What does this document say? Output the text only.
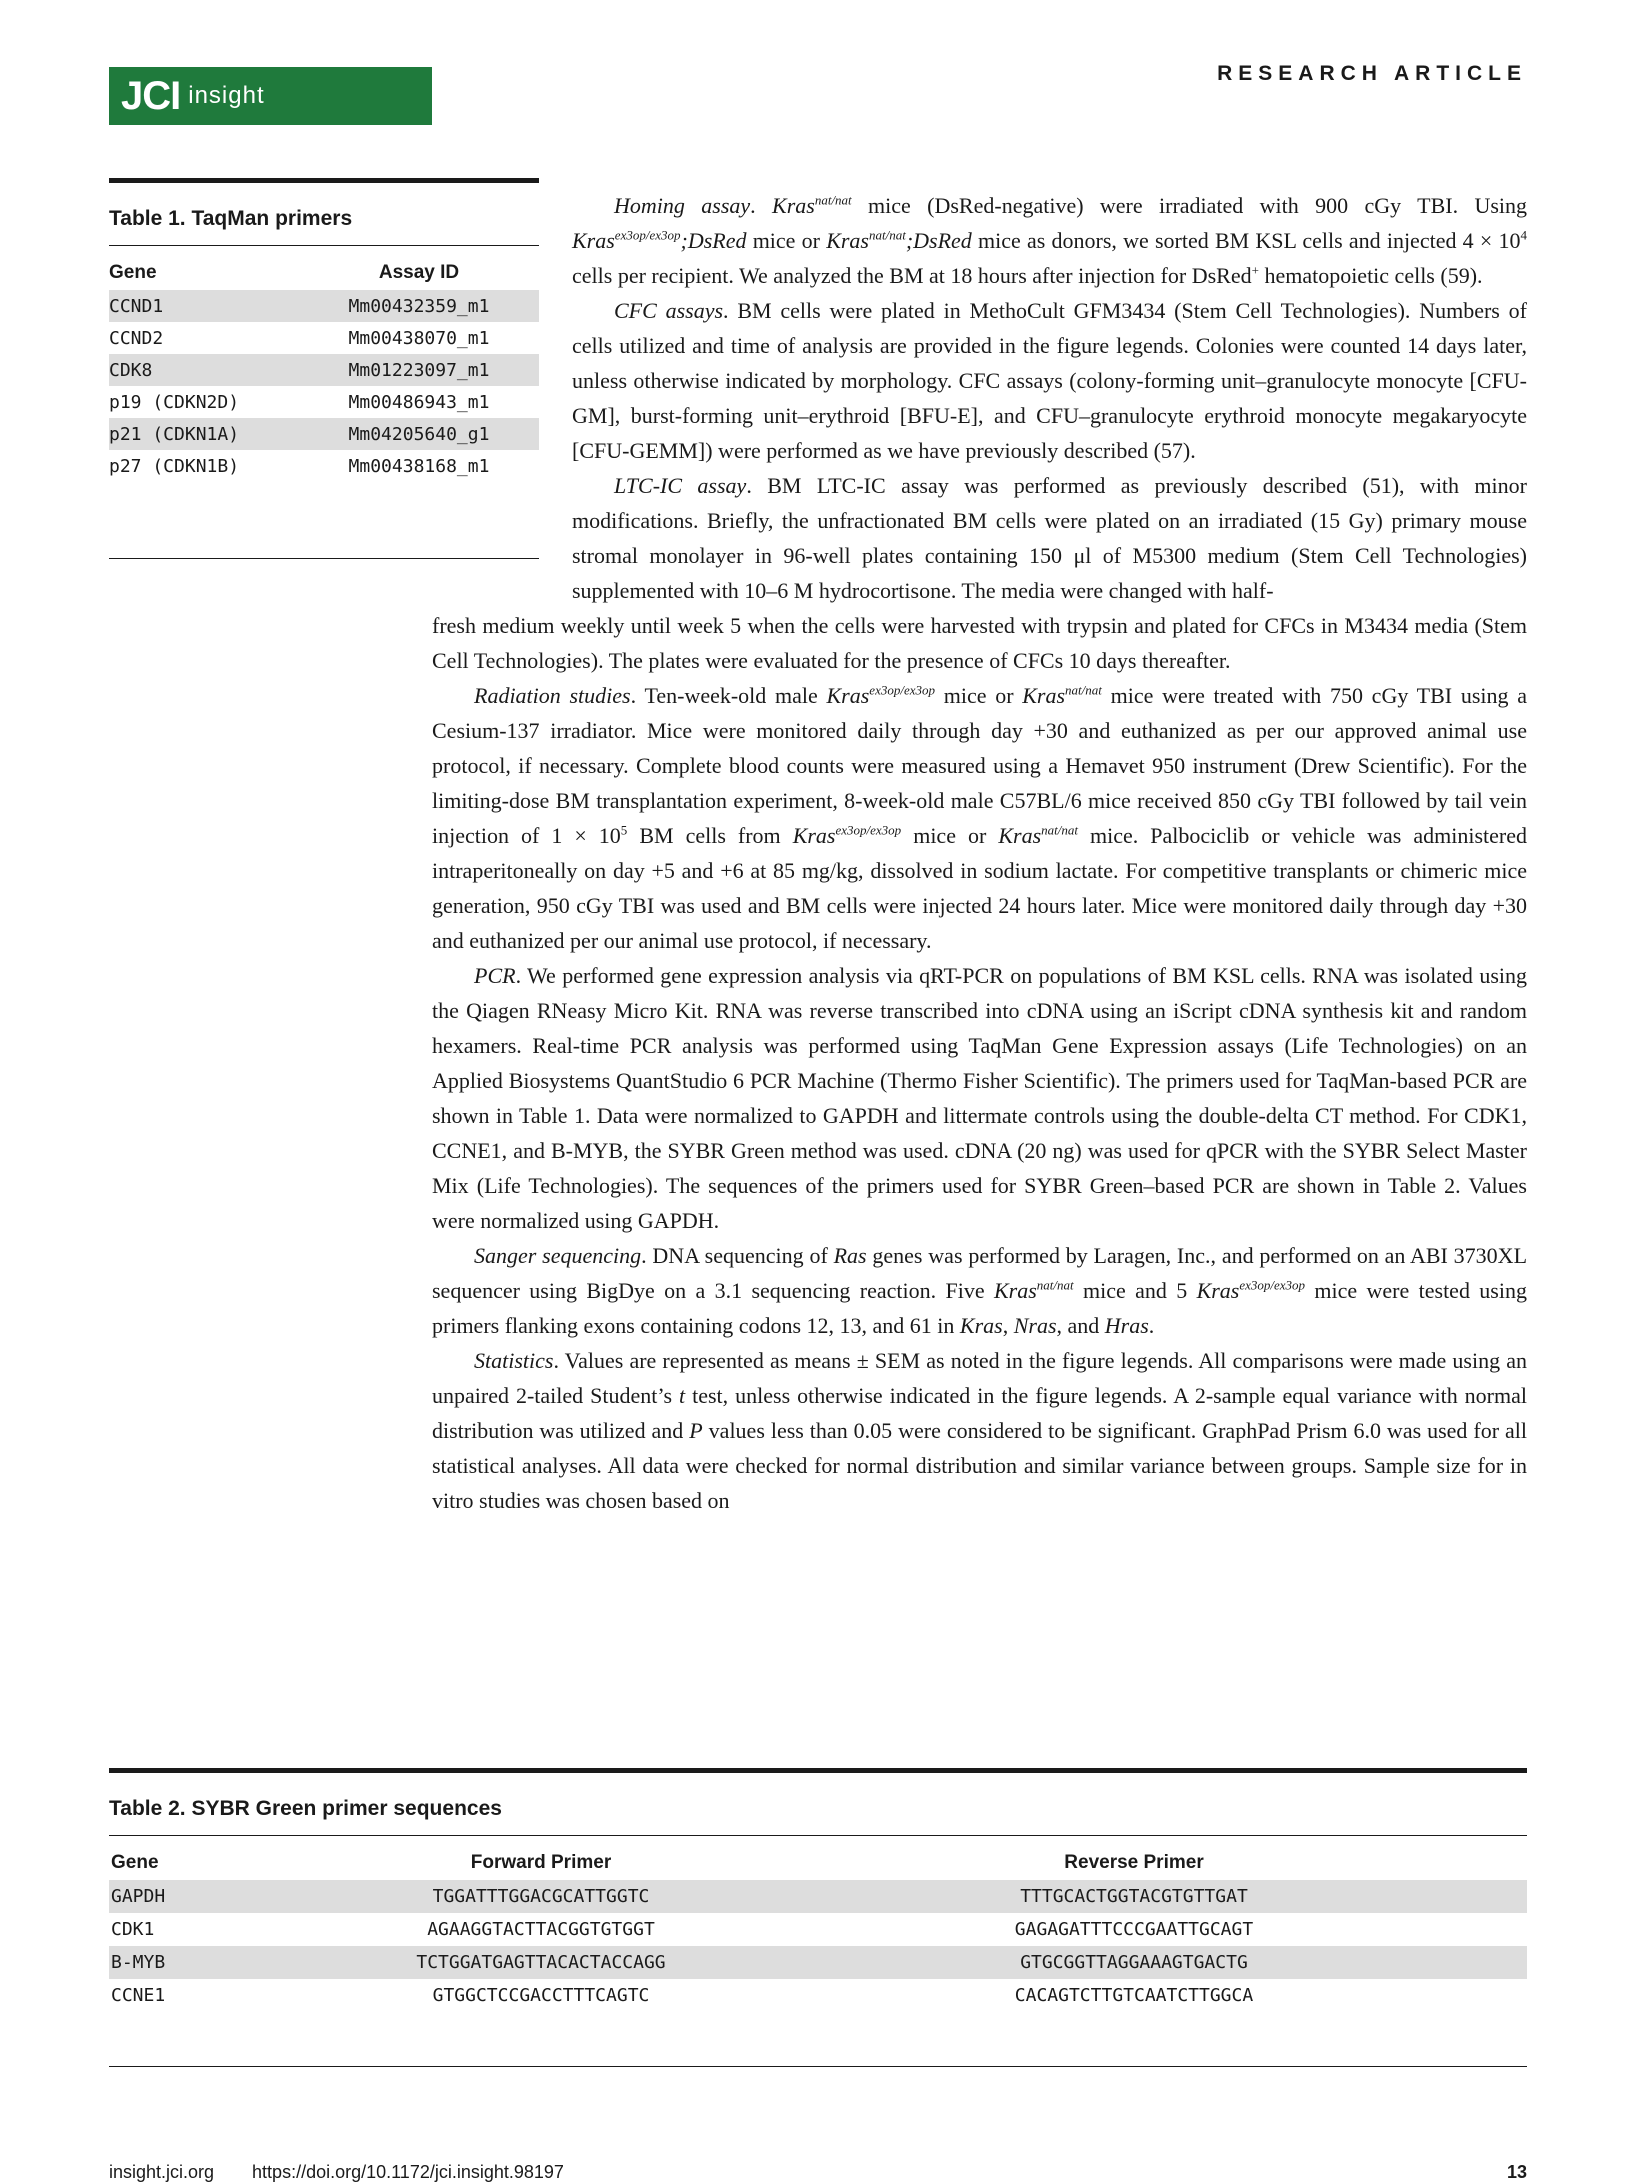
JCI insight
RESEARCH ARTICLE
Table 1. TaqMan primers
Gene	Assay ID
CCND1	Mm00432359_m1
CCND2	Mm00438070_m1
CDK8	Mm01223097_m1
p19 (CDKN2D)	Mm00486943_m1
p21 (CDKN1A)	Mm04205640_g1
p27 (CDKN1B)	Mm00438168_m1

Homing assay. Kras$^{nat/nat}$ mice (DsRed-negative) were irradiated with 900 cGy TBI. Using Kras$^{ex3op/ex3op}$;DsRed mice or Kras$^{nat/nat}$;DsRed mice as donors, we sorted BM KSL cells and injected $4 \times 10^4$ cells per recipient. We analyzed the BM at 18 hours after injection for DsRed+ hematopoietic cells (59).

CFC assays. BM cells were plated in MethoCult GFM3434 (Stem Cell Technologies). Numbers of cells utilized and time of analysis are provided in the figure legends. Colonies were counted 14 days later, unless otherwise indicated by morphology. CFC assays (colony-forming unit–granulocyte monocyte [CFU-GM], burst-forming unit–erythroid [BFU-E], and CFU–granulocyte erythroid monocyte megakaryocyte [CFU-GEMM]) were performed as we have previously described (57).

LTC-IC assay. BM LTC-IC assay was performed as previously described (51), with minor modifications. Briefly, the unfractionated BM cells were plated on an irradiated (15 Gy) primary mouse stromal monolayer in 96-well plates containing 150 μl of M5300 medium (Stem Cell Technologies) supplemented with 10–6 M hydrocortisone. The media were changed with half-

fresh medium weekly until week 5 when the cells were harvested with trypsin and plated for CFCs in M3434 media (Stem Cell Technologies). The plates were evaluated for the presence of CFCs 10 days thereafter.

Radiation studies. Ten-week-old male Kras$^{ex3op/ex3op}$ mice or Kras$^{nat/nat}$ mice were treated with 750 cGy TBI using a Cesium-137 irradiator. Mice were monitored daily through day +30 and euthanized as per our approved animal use protocol, if necessary. Complete blood counts were measured using a Hemavet 950 instrument (Drew Scientific). For the limiting-dose BM transplantation experiment, 8-week-old male C57BL/6 mice received 850 cGy TBI followed by tail vein injection of $1 \times 10^5$ BM cells from Kras$^{ex3op/ex3op}$ mice or Kras$^{nat/nat}$ mice. Palbociclib or vehicle was administered intraperitoneally on day +5 and +6 at 85 mg/kg, dissolved in sodium lactate. For competitive transplants or chimeric mice generation, 950 cGy TBI was used and BM cells were injected 24 hours later. Mice were monitored daily through day +30 and euthanized per our animal use protocol, if necessary.

PCR. We performed gene expression analysis via qRT-PCR on populations of BM KSL cells. RNA was isolated using the Qiagen RNeasy Micro Kit. RNA was reverse transcribed into cDNA using an iScript cDNA synthesis kit and random hexamers. Real-time PCR analysis was performed using TaqMan Gene Expression assays (Life Technologies) on an Applied Biosystems QuantStudio 6 PCR Machine (Thermo Fisher Scientific). The primers used for TaqMan-based PCR are shown in Table 1. Data were normalized to GAPDH and littermate controls using the double-delta CT method. For CDK1, CCNE1, and B-MYB, the SYBR Green method was used. cDNA (20 ng) was used for qPCR with the SYBR Select Master Mix (Life Technologies). The sequences of the primers used for SYBR Green–based PCR are shown in Table 2. Values were normalized using GAPDH.

Sanger sequencing. DNA sequencing of Ras genes was performed by Laragen, Inc., and performed on an ABI 3730XL sequencer using BigDye on a 3.1 sequencing reaction. Five Kras$^{nat/nat}$ mice and 5 Kras$^{ex3op/ex3op}$ mice were tested using primers flanking exons containing codons 12, 13, and 61 in Kras, Nras, and Hras.

Statistics. Values are represented as means ± SEM as noted in the figure legends. All comparisons were made using an unpaired 2-tailed Student’s t test, unless otherwise indicated in the figure legends. A 2-sample equal variance with normal distribution was utilized and P values less than 0.05 were considered to be significant. GraphPad Prism 6.0 was used for all statistical analyses. All data were checked for normal distribution and similar variance between groups. Sample size for in vitro studies was chosen based on

Table 2. SYBR Green primer sequences
Gene	Forward Primer	Reverse Primer
GAPDH	TGGATTTGGACGCATTGGTC	TTTGCACTGGTACGTGTTGAT
CDK1	AGAAGGTACTTACGGTGTGGT	GAGAGATTTCCCGAATTGCAGT
B-MYB	TCTGGATGAGTTACACTACCAGG	GTGCGGTTAGGAAAGTGACTG
CCNE1	GTGGCTCCGACCTTTCAGTC	CACAGTCTTGTCAATCTTGGCA
insight.jci.org https://doi.org/10.1172/jci.insight.98197	13
